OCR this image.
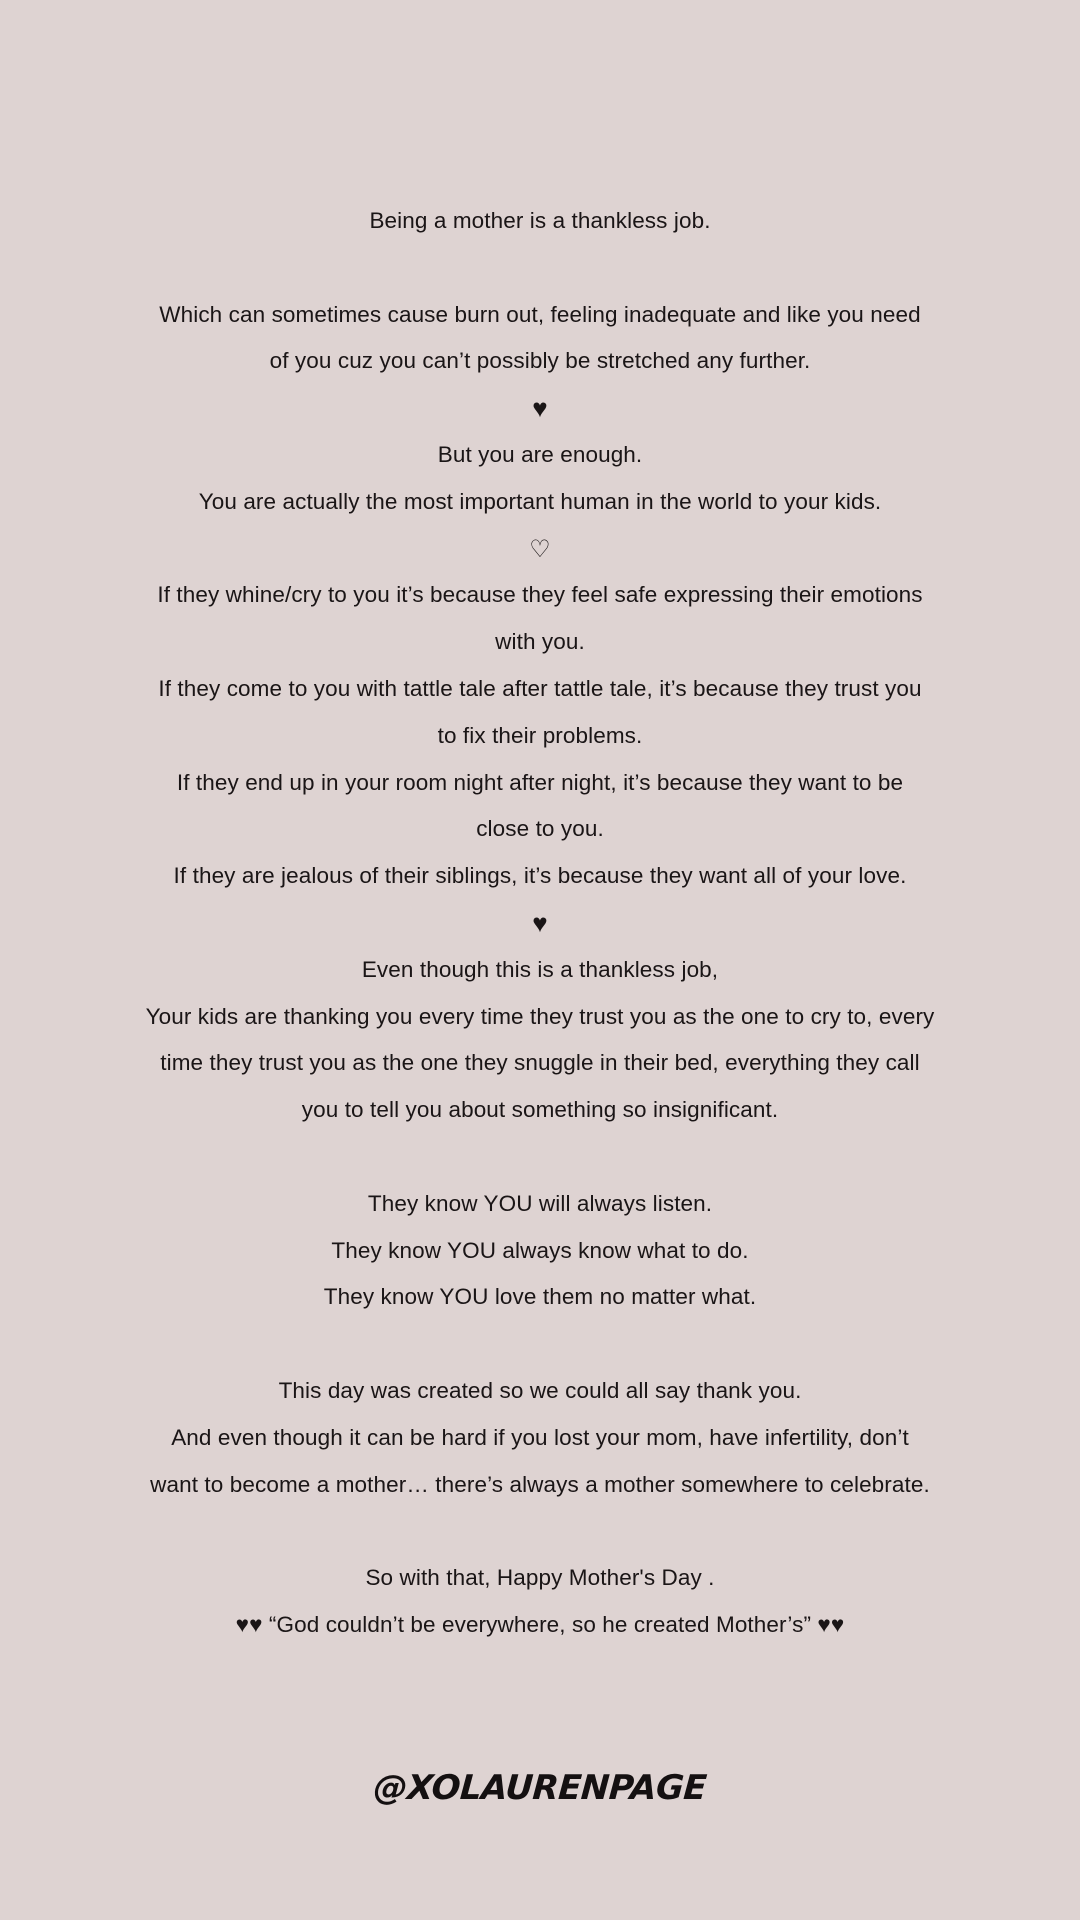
Being a mother is a thankless job.
Which can sometimes cause burn out, feeling inadequate and like you need
of you cuz you can’t possibly be stretched any further.
♥
But you are enough.
You are actually the most important human in the world to your kids.
♡
If they whine/cry to you it’s because they feel safe expressing their emotions
with you.
If they come to you with tattle tale after tattle tale, it’s because they trust you
to fix their problems.
If they end up in your room night after night, it’s because they want to be
close to you.
If they are jealous of their siblings, it’s because they want all of your love.
♥
Even though this is a thankless job,
Your kids are thanking you every time they trust you as the one to cry to, every
time they trust you as the one they snuggle in their bed, everything they call
you to tell you about something so insignificant.
They know YOU will always listen.
They know YOU always know what to do.
They know YOU love them no matter what.
This day was created so we could all say thank you.
And even though it can be hard if you lost your mom, have infertility, don’t
want to become a mother… there’s always a mother somewhere to celebrate.
So with that, Happy Mother's Day .
♥♥ “God couldn’t be everywhere, so he created Mother’s” ♥♥
@XOLAURENPAGE
